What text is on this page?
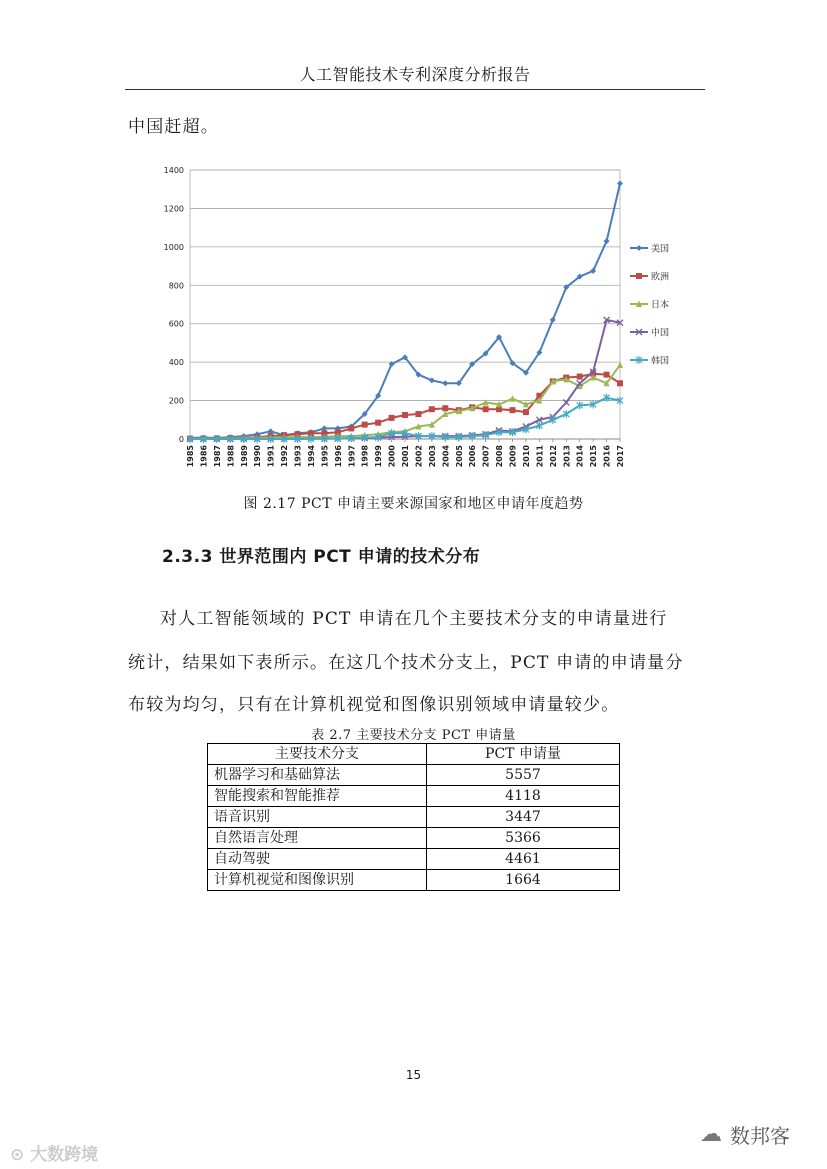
人工智能技术专利深度分析报告
中国赶超。
0
200
400
600
800
1000
1200
1400
1985 1986 1987 1988 1989 1990 1991 1992 1993 1994 1995 1996 1997 1998 1999 2000 2001 2002 2003 2004 2005 2006 2007 2008 2009 2010 2011 2012 2013 2014 2015 2016 2017
美国
欧洲
日本
中国
韩国
图 2.17 PCT 申请主要来源国家和地区申请年度趋势
2.3.3 世界范围内 PCT 申请的技术分布
对人工智能领域的 PCT 申请在几个主要技术分支的申请量进行
统计，结果如下表所示。在这几个技术分支上，PCT 申请的申请量分
布较为均匀，只有在计算机视觉和图像识别领域申请量较少。
表 2.7 主要技术分支 PCT 申请量
主要技术分支	PCT 申请量
机器学习和基础算法	5557
智能搜索和智能推荐	4118
语音识别	3447
自然语言处理	5366
自动驾驶	4461
计算机视觉和图像识别	1664
15
⊙ 大数跨境
☁ 数邦客
